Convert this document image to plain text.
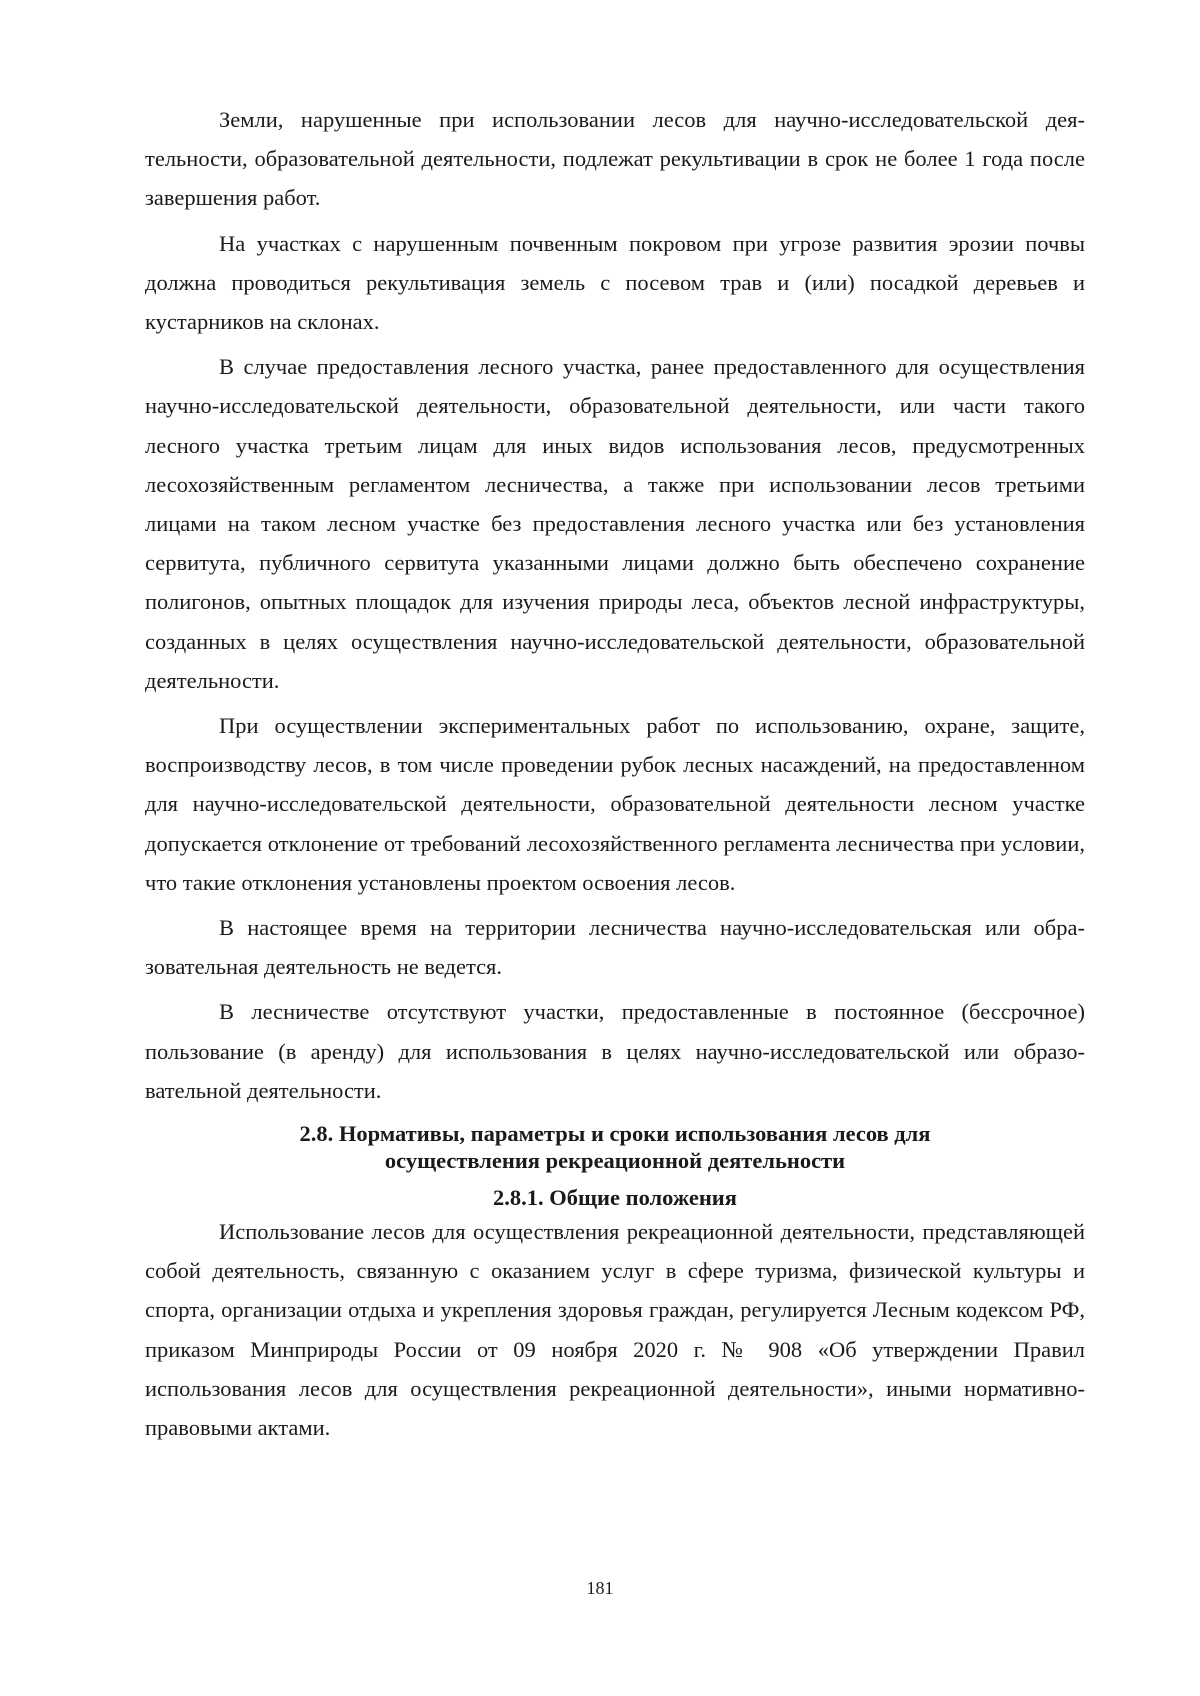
Земли, нарушенные при использовании лесов для научно-исследовательской деятельности, образовательной деятельности, подлежат рекультивации в срок не более 1 года после завершения работ.

На участках с нарушенным почвенным покровом при угрозе развития эрозии почвы должна проводиться рекультивация земель с посевом трав и (или) посадкой деревьев и кустарников на склонах.

В случае предоставления лесного участка, ранее предоставленного для осуществления научно-исследовательской деятельности, образовательной деятельности, или части такого лесного участка третьим лицам для иных видов использования лесов, предусмотренных лесохозяйственным регламентом лесничества, а также при использовании лесов третьими лицами на таком лесном участке без предоставления лесного участка или без установления сервитута, публичного сервитута указанными лицами должно быть обеспечено сохранение полигонов, опытных площадок для изучения природы леса, объектов лесной инфраструктуры, созданных в целях осуществления научно-исследовательской деятельности, образовательной деятельности.

При осуществлении экспериментальных работ по использованию, охране, защите, воспроизводству лесов, в том числе проведении рубок лесных насаждений, на предоставленном для научно-исследовательской деятельности, образовательной деятельности лесном участке допускается отклонение от требований лесохозяйственного регламента лесничества при условии, что такие отклонения установлены проектом освоения лесов.

В настоящее время на территории лесничества научно-исследовательская или образовательная деятельность не ведется.

В лесничестве отсутствуют участки, предоставленные в постоянное (бессрочное) пользование (в аренду) для использования в целях научно-исследовательской или образовательной деятельности.

2.8. Нормативы, параметры и сроки использования лесов для
осуществления рекреационной деятельности
2.8.1. Общие положения

Использование лесов для осуществления рекреационной деятельности, представляющей собой деятельность, связанную с оказанием услуг в сфере туризма, физической культуры и спорта, организации отдыха и укрепления здоровья граждан, регулируется Лесным кодексом РФ, приказом Минприроды России от 09 ноября 2020 г. № 908 «Об утверждении Правил использования лесов для осуществления рекреационной деятельности», иными нормативно-правовыми актами.

181
